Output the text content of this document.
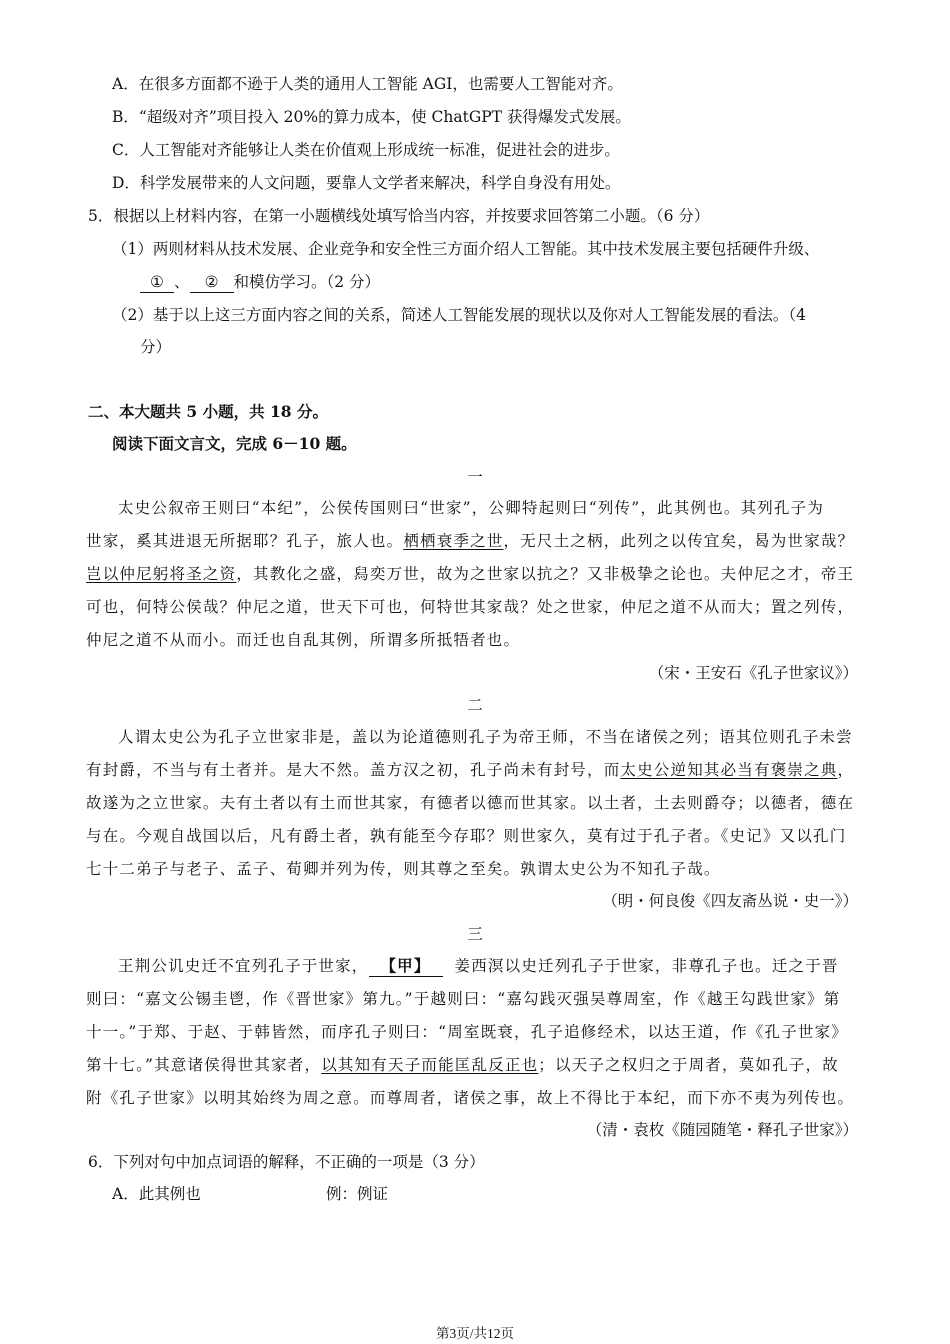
A．在很多方面都不逊于人类的通用人工智能 AGI，也需要人工智能对齐。
B．“超级对齐”项目投入 20%的算力成本，使 ChatGPT 获得爆发式发展。
C．人工智能对齐能够让人类在价值观上形成统一标准，促进社会的进步。
D．科学发展带来的人文问题，要靠人文学者来解决，科学自身没有用处。
5．根据以上材料内容，在第一小题横线处填写恰当内容，并按要求回答第二小题。（6 分）
（1）两则材料从技术发展、企业竞争和安全性三方面介绍人工智能。其中技术发展主要包括硬件升级、
① 、 ② 和模仿学习。（2 分）
（2）基于以上这三方面内容之间的关系，简述人工智能发展的现状以及你对人工智能发展的看法。（4
分）
二、本大题共 5 小题，共 18 分。
阅读下面文言文，完成 6－10 题。
一
太史公叙帝王则曰“本纪”，公侯传国则曰“世家”，公卿特起则曰“列传”，此其例也。其列孔子为
世家，奚其进退无所据耶？孔子，旅人也。栖栖衰季之世，无尺土之柄，此列之以传宜矣，曷为世家哉？
岂以仲尼躬将圣之资，其教化之盛，舄奕万世，故为之世家以抗之？又非极挚之论也。夫仲尼之才，帝王
可也，何特公侯哉？仲尼之道，世天下可也，何特世其家哉？处之世家，仲尼之道不从而大；置之列传，
仲尼之道不从而小。而迁也自乱其例，所谓多所抵牾者也。
（宋・王安石《孔子世家议》）
二
人谓太史公为孔子立世家非是，盖以为论道德则孔子为帝王师，不当在诸侯之列；语其位则孔子未尝
有封爵，不当与有土者并。是大不然。盖方汉之初，孔子尚未有封号，而太史公逆知其必当有褒崇之典，
故遂为之立世家。夫有土者以有土而世其家，有德者以德而世其家。以土者，土去则爵夺；以德者，德在
与在。今观自战国以后，凡有爵土者，孰有能至今存耶？则世家久，莫有过于孔子者。《史记》又以孔门
七十二弟子与老子、孟子、荀卿并列为传，则其尊之至矣。孰谓太史公为不知孔子哉。
（明・何良俊《四友斋丛说・史一》）
三
王荆公讥史迁不宜列孔子于世家， 【甲】 姜西溟以史迁列孔子于世家，非尊孔子也。迁之于晋
则曰：“嘉文公锡圭鬯，作《晋世家》第九。”于越则曰：“嘉勾践灭强吴尊周室，作《越王勾践世家》第
十一。”于郑、于赵、于韩皆然，而序孔子则曰：“周室既衰，孔子追修经术，以达王道，作《孔子世家》
第十七。”其意诸侯得世其家者，以其知有天子而能匡乱反正也；以天子之权归之于周者，莫如孔子，故
附《孔子世家》以明其始终为周之意。而尊周者，诸侯之事，故上不得比于本纪，而下亦不夷为列传也。
（清・袁枚《随园随笔・释孔子世家》）
6．下列对句中加点词语的解释，不正确的一项是（3 分）
A．此其例也	例：例证
第3页/共12页
